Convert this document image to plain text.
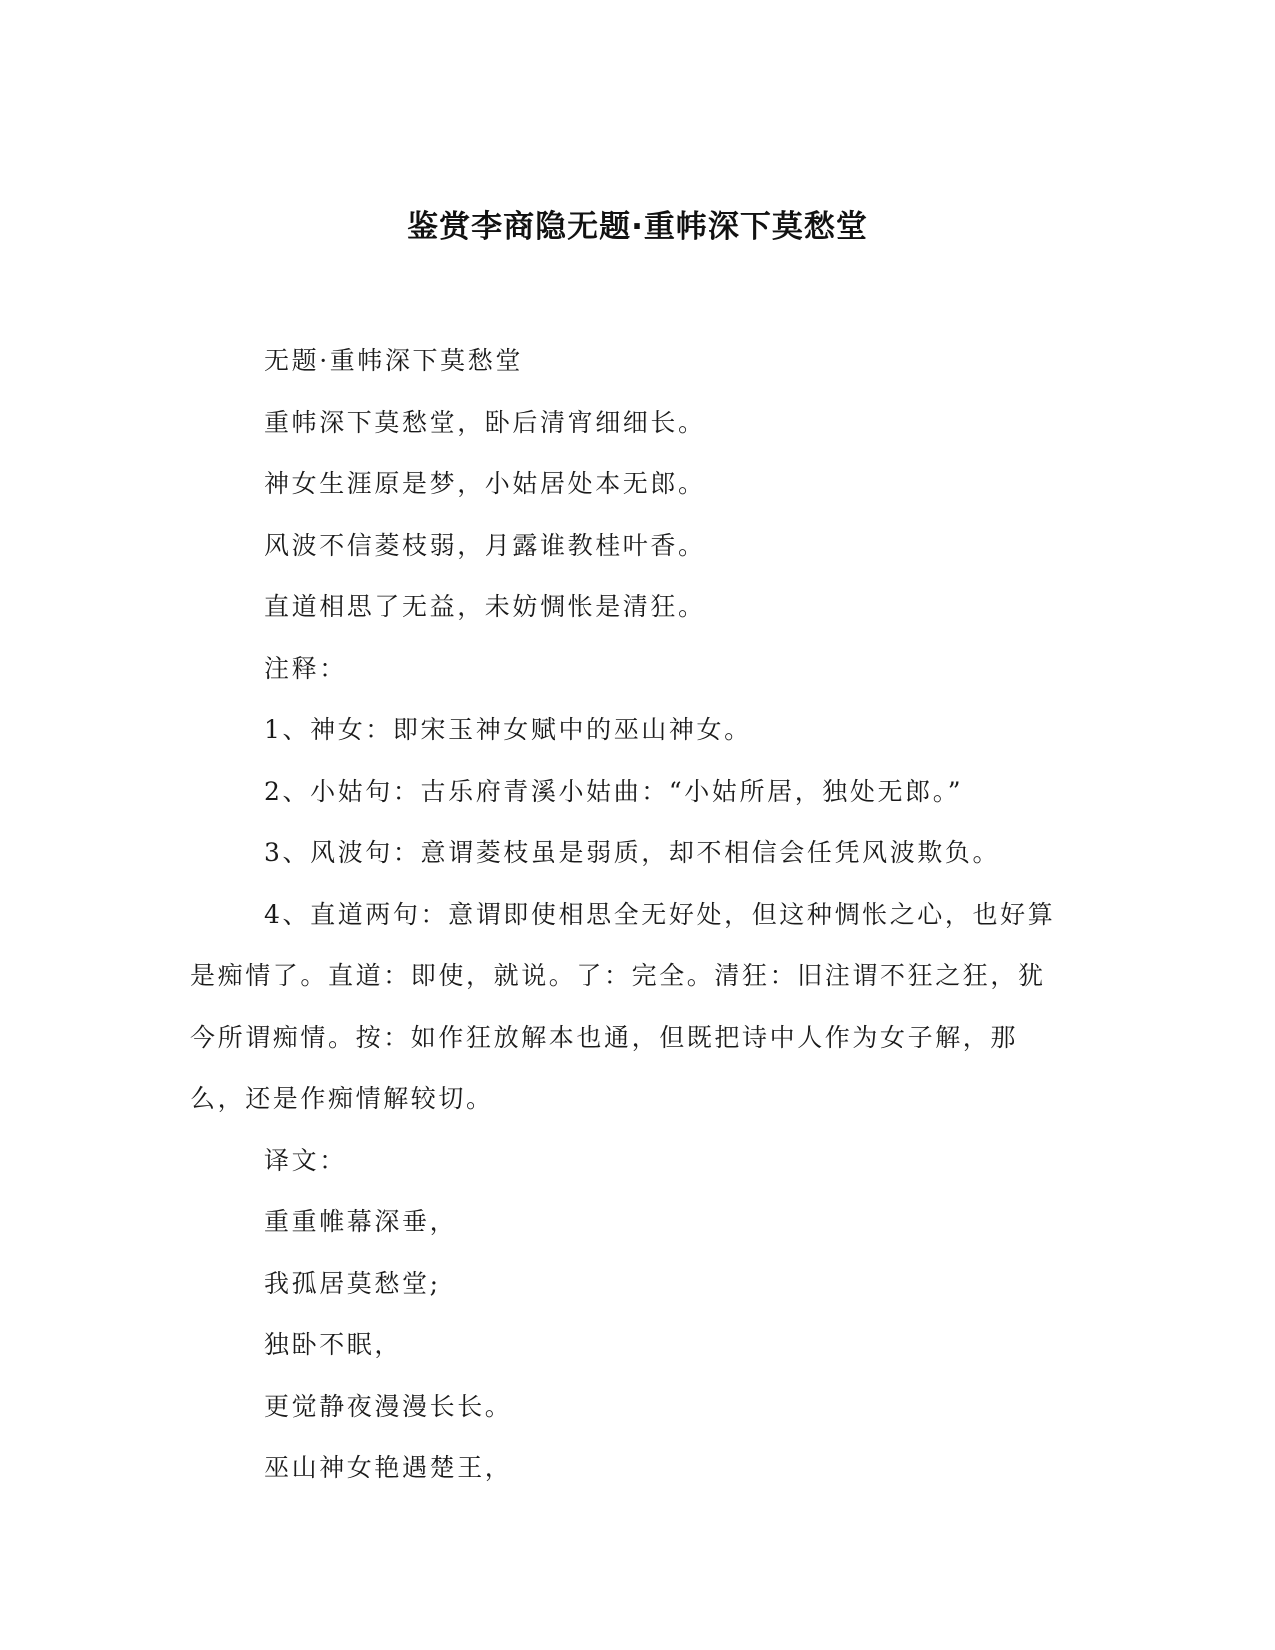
鉴赏李商隐无题·重帏深下莫愁堂

无题·重帏深下莫愁堂

重帏深下莫愁堂，卧后清宵细细长。

神女生涯原是梦，小姑居处本无郎。

风波不信菱枝弱，月露谁教桂叶香。

直道相思了无益，未妨惆怅是清狂。

注释：

1、神女：即宋玉神女赋中的巫山神女。

2、小姑句：古乐府青溪小姑曲：“小姑所居，独处无郎。”

3、风波句：意谓菱枝虽是弱质，却不相信会任凭风波欺负。

4、直道两句：意谓即使相思全无好处，但这种惆怅之心，也好算是痴情了。直道：即使，就说。了：完全。清狂：旧注谓不狂之狂，犹今所谓痴情。按：如作狂放解本也通，但既把诗中人作为女子解，那么，还是作痴情解较切。

译文：

重重帷幕深垂，

我孤居莫愁堂;

独卧不眠，

更觉静夜漫漫长长。

巫山神女艳遇楚王，
